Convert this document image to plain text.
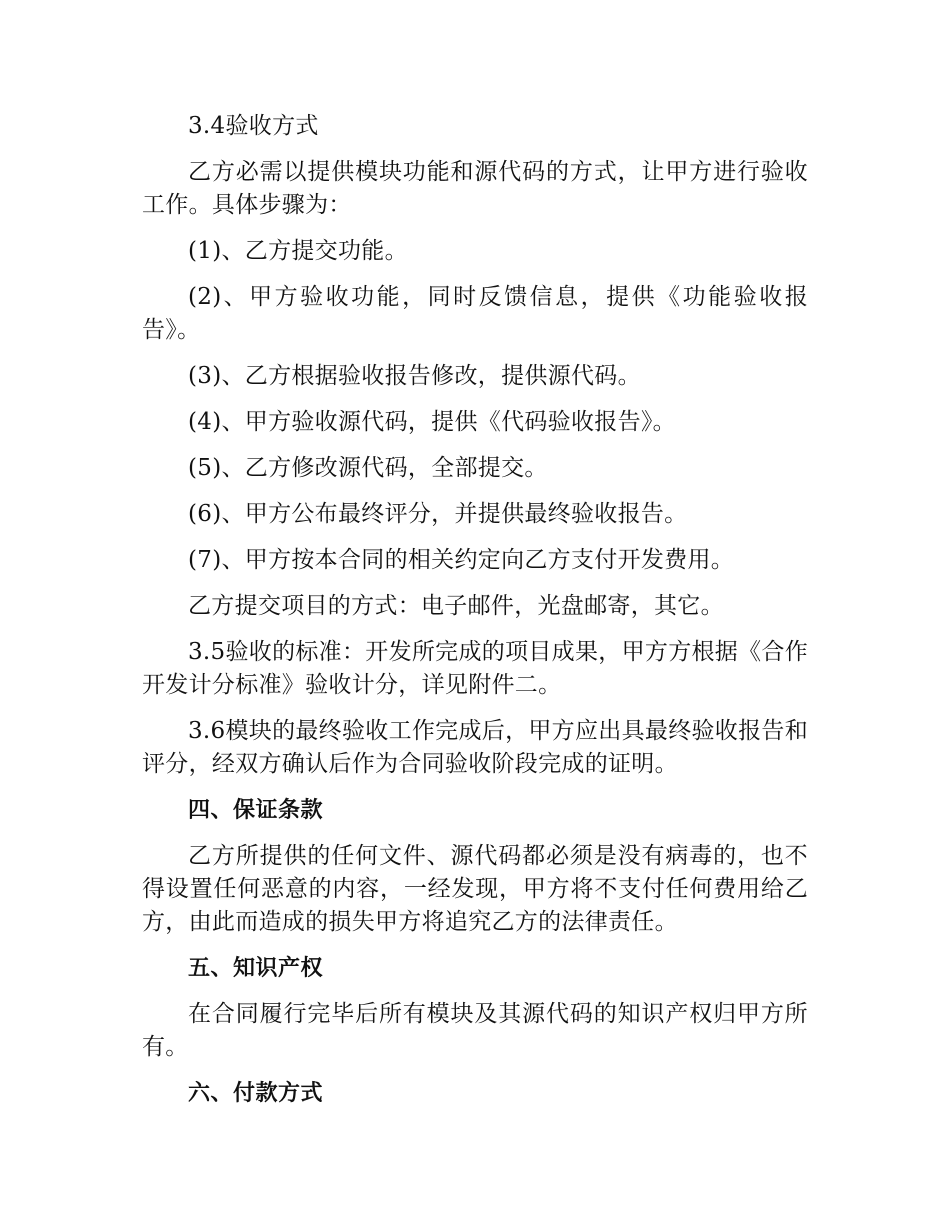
3.4验收方式

乙方必需以提供模块功能和源代码的方式，让甲方进行验收工作。具体步骤为：

(1)、乙方提交功能。

(2)、甲方验收功能，同时反馈信息，提供《功能验收报告》。

(3)、乙方根据验收报告修改，提供源代码。

(4)、甲方验收源代码，提供《代码验收报告》。

(5)、乙方修改源代码，全部提交。

(6)、甲方公布最终评分，并提供最终验收报告。

(7)、甲方按本合同的相关约定向乙方支付开发费用。

乙方提交项目的方式：电子邮件，光盘邮寄，其它。

3.5验收的标准：开发所完成的项目成果，甲方方根据《合作开发计分标准》验收计分，详见附件二。

3.6模块的最终验收工作完成后，甲方应出具最终验收报告和评分，经双方确认后作为合同验收阶段完成的证明。

四、保证条款

乙方所提供的任何文件、源代码都必须是没有病毒的，也不得设置任何恶意的内容，一经发现，甲方将不支付任何费用给乙方，由此而造成的损失甲方将追究乙方的法律责任。

五、知识产权

在合同履行完毕后所有模块及其源代码的知识产权归甲方所有。

六、付款方式
